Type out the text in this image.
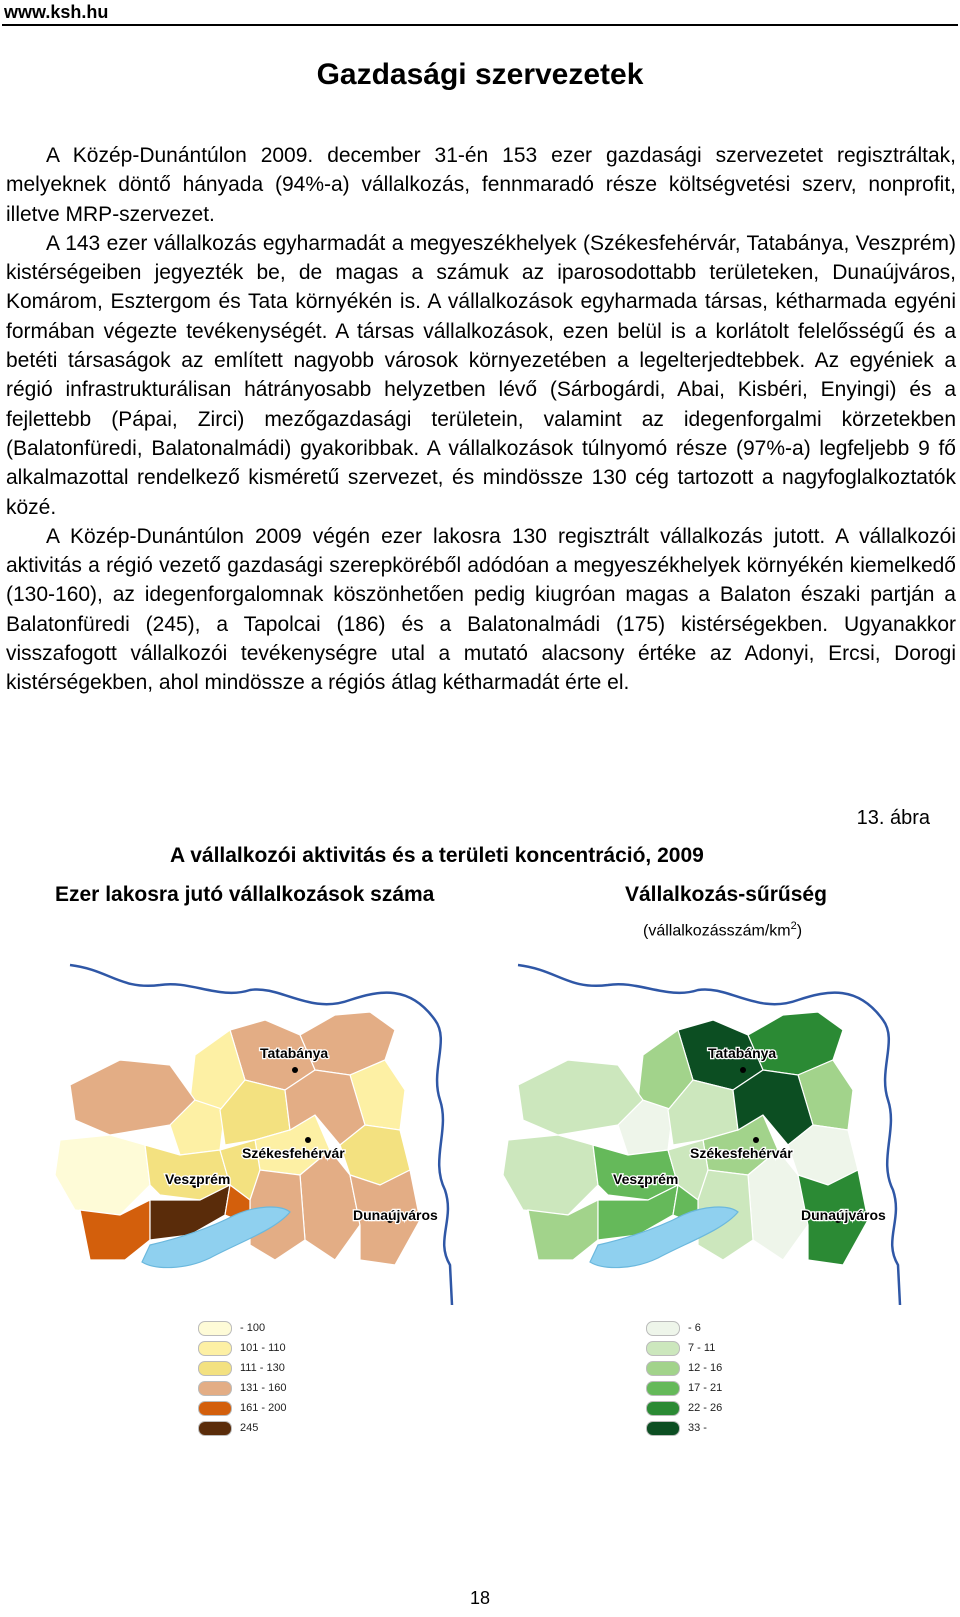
www.ksh.hu
Gazdasági szervezetek

A Közép-Dunántúlon 2009. december 31-én 153 ezer gazdasági szervezetet regisztráltak, melyeknek döntő hányada (94%-a) vállalkozás, fennmaradó része költségvetési szerv, nonprofit, illetve MRP-szervezet.

A 143 ezer vállalkozás egyharmadát a megyeszékhelyek (Székesfehérvár, Tatabánya, Veszprém) kistérségeiben jegyezték be, de magas a számuk az iparosodottabb területeken, Dunaújváros, Komárom, Esztergom és Tata környékén is. A vállalkozások egyharmada társas, kétharmada egyéni formában végezte tevékenységét. A társas vállalkozások, ezen belül is a korlátolt felelősségű és a betéti társaságok az említett nagyobb városok környezetében a legelterjedtebbek. Az egyéniek a régió infrastrukturálisan hátrányosabb helyzetben lévő (Sárbogárdi, Abai, Kisbéri, Enyingi) és a fejlettebb (Pápai, Zirci) mezőgazdasági területein, valamint az idegenforgalmi körzetekben (Balatonfüredi, Balatonalmádi) gyakoribbak. A vállalkozások túlnyomó része (97%-a) legfeljebb 9 fő alkalmazottal rendelkező kisméretű szervezet, és mindössze 130 cég tartozott a nagyfoglalkoztatók közé.

A Közép-Dunántúlon 2009 végén ezer lakosra 130 regisztrált vállalkozás jutott. A vállalkozói aktivitás a régió vezető gazdasági szerepköréből adódóan a megyeszékhelyek környékén kiemelkedő (130-160), az idegenforgalomnak köszönhetően pedig kiugróan magas a Balaton északi partján a Balatonfüredi (245), a Tapolcai (186) és a Balatonalmádi (175) kistérségekben. Ugyanakkor visszafogott vállalkozói tevékenységre utal a mutató alacsony értéke az Adonyi, Ercsi, Dorogi kistérségekben, ahol mindössze a régiós átlag kétharmadát érte el.

13. ábra
A vállalkozói aktivitás és a területi koncentráció, 2009
Ezer lakosra jutó vállalkozások száma	Vállalkozás-sűrűség
$(vállalkozásszám/km^2)$
Tatabánya
Székesfehérvár
Veszprém
Dunaújváros
- 100
101 - 110
111 - 130
131 - 160
161 - 200
245
Tatabánya
Székesfehérvár
Veszprém
Dunaújváros
- 6
7 - 11
12 - 16
17 - 21
22 - 26
33 -
18
